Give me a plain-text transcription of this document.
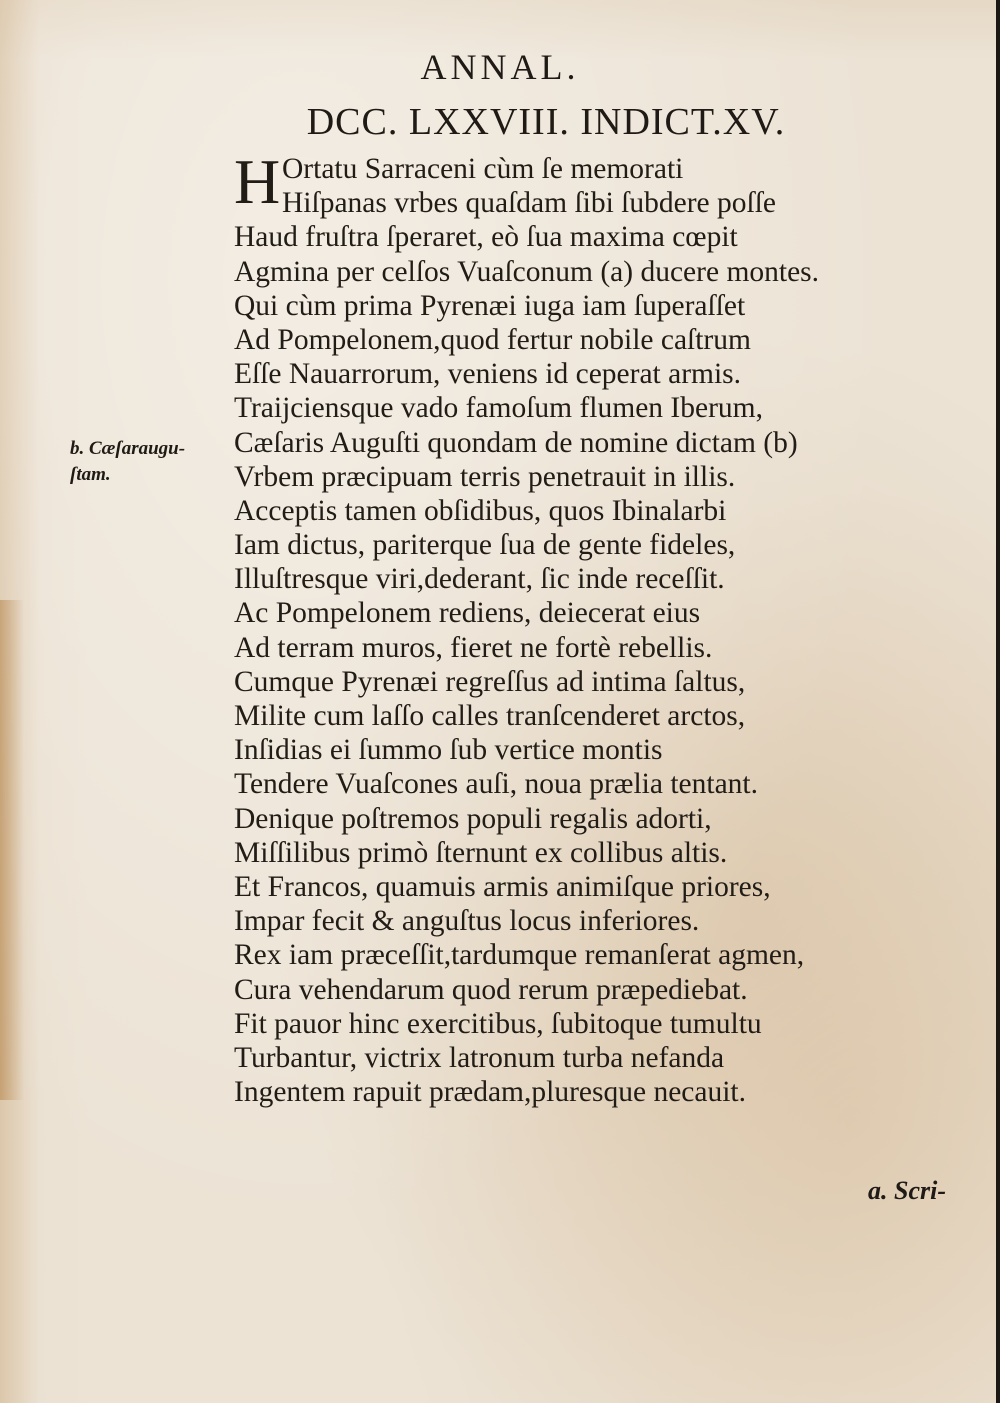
ANNAL.
DCC. LXXVIII. INDICT.XV.
H Ortatu Sarraceni cùm ſe memorati
Hiſpanas vrbes quaſdam ſibi ſubdere poſſe
Haud fruſtra ſperaret, eò ſua maxima cœpit
Agmina per celſos Vuaſconum (a) ducere montes.
Qui cùm prima Pyrenæi iuga iam ſuperaſſet
Ad Pompelonem,quod fertur nobile caſtrum
Eſſe Nauarrorum, veniens id ceperat armis.
Traijciensque vado famoſum flumen Iberum,
Cæſaris Auguſti quondam de nomine dictam (b)
Vrbem præcipuam terris penetrauit in illis.
Acceptis tamen obſidibus, quos Ibinalarbi
Iam dictus, pariterque ſua de gente fideles,
Illuſtresque viri,dederant, ſic inde receſſit.
Ac Pompelonem rediens, deiecerat eius
Ad terram muros, fieret ne fortè rebellis.
Cumque Pyrenæi regreſſus ad intima ſaltus,
Milite cum laſſo calles tranſcenderet arctos,
Inſidias ei ſummo ſub vertice montis
Tendere Vuaſcones auſi, noua prælia tentant.
Denique poſtremos populi regalis adorti,
Miſſilibus primò ſternunt ex collibus altis.
Et Francos, quamuis armis animiſque priores,
Impar fecit & anguſtus locus inferiores.
Rex iam præceſſit,tardumque remanſerat agmen,
Cura vehendarum quod rerum præpediebat.
Fit pauor hinc exercitibus, ſubitoque tumultu
Turbantur, victrix latronum turba nefanda
Ingentem rapuit prædam,pluresque necauit.
b. Cæſaraugu-
ſtam.
a. Scri-
